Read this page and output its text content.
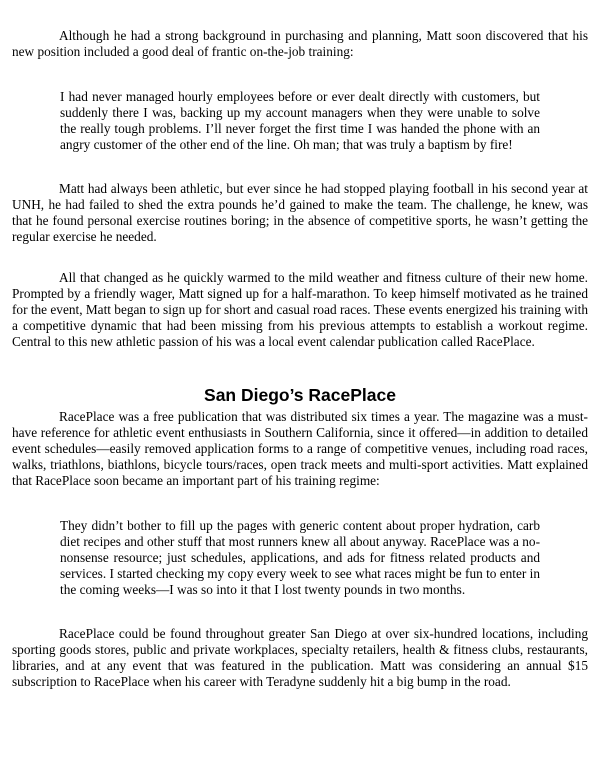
Although he had a strong background in purchasing and planning, Matt soon discovered that his new position included a good deal of frantic on-the-job training:

I had never managed hourly employees before or ever dealt directly with customers, but suddenly there I was, backing up my account managers when they were unable to solve the really tough problems. I’ll never forget the first time I was handed the phone with an angry customer of the other end of the line. Oh man; that was truly a baptism by fire!

Matt had always been athletic, but ever since he had stopped playing football in his second year at UNH, he had failed to shed the extra pounds he’d gained to make the team. The challenge, he knew, was that he found personal exercise routines boring; in the absence of competitive sports, he wasn’t getting the regular exercise he needed.

All that changed as he quickly warmed to the mild weather and fitness culture of their new home. Prompted by a friendly wager, Matt signed up for a half-marathon. To keep himself motivated as he trained for the event, Matt began to sign up for short and casual road races. These events energized his training with a competitive dynamic that had been missing from his previous attempts to establish a workout regime. Central to this new athletic passion of his was a local event calendar publication called RacePlace.

San Diego’s RacePlace

RacePlace was a free publication that was distributed six times a year. The magazine was a must-have reference for athletic event enthusiasts in Southern California, since it offered—in addition to detailed event schedules—easily removed application forms to a range of competitive venues, including road races, walks, triathlons, biathlons, bicycle tours/races, open track meets and multi-sport activities. Matt explained that RacePlace soon became an important part of his training regime:

They didn’t bother to fill up the pages with generic content about proper hydration, carb diet recipes and other stuff that most runners knew all about anyway. RacePlace was a no-nonsense resource; just schedules, applications, and ads for fitness related products and services. I started checking my copy every week to see what races might be fun to enter in the coming weeks—I was so into it that I lost twenty pounds in two months.

RacePlace could be found throughout greater San Diego at over six-hundred locations, including sporting goods stores, public and private workplaces, specialty retailers, health & fitness clubs, restaurants, libraries, and at any event that was featured in the publication. Matt was considering an annual $15 subscription to RacePlace when his career with Teradyne suddenly hit a big bump in the road.
